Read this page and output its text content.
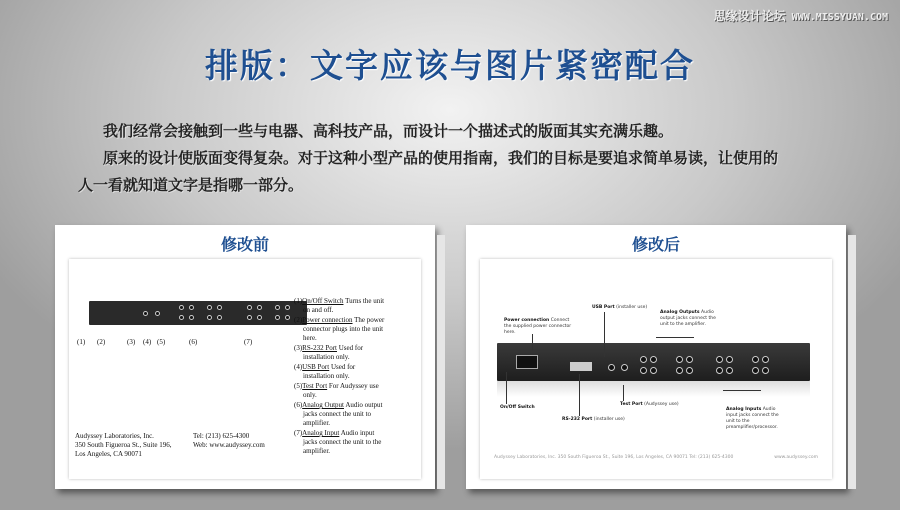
思缘设计论坛 WWW.MISSYUAN.COM
排版：文字应该与图片紧密配合

我们经常会接触到一些与电器、高科技产品，而设计一个描述式的版面其实充满乐趣。

原来的设计使版面变得复杂。对于这种小型产品的使用指南，我们的目标是要追求简单易读，让使用的

人一看就知道文字是指哪一部分。

修改前
(1)On/Off Switch Turns the unit on and off.
(2)Power connection The power connector plugs into the unit here.
(3)RS-232 Port Used for installation only.
(4)USB Port Used for installation only.
(5)Test Port For Audyssey use only.
(6)Analog Output Audio output jacks connect the unit to amplifier.
(7)Analog Input Audio input jacks connect the unit to the amplifier.
Audyssey Laboratories, Inc.
350 South Figueroa St., Suite 196,
Los Angeles, CA 90071
Tel: (213) 625-4300
Web: www.audyssey.com
(1) (2)	(3) (4) (5)	(6)	(7)
修改后
USB Port (installer use)
Power connection Connect the supplied power connector here.
Analog Outputs Audio output jacks connect the unit to the amplifier.
On/Off Switch
Test Port (Audyssey use)
Analog Inputs Audio input jacks connect the unit to the preamplifier/processor.
RS-232 Port (installer use)
Audyssey Laboratories, Inc. 350 South Figueroa St., Suite 196, Los Angeles, CA 90071 Tel: (213) 625-4300	www.audyssey.com
